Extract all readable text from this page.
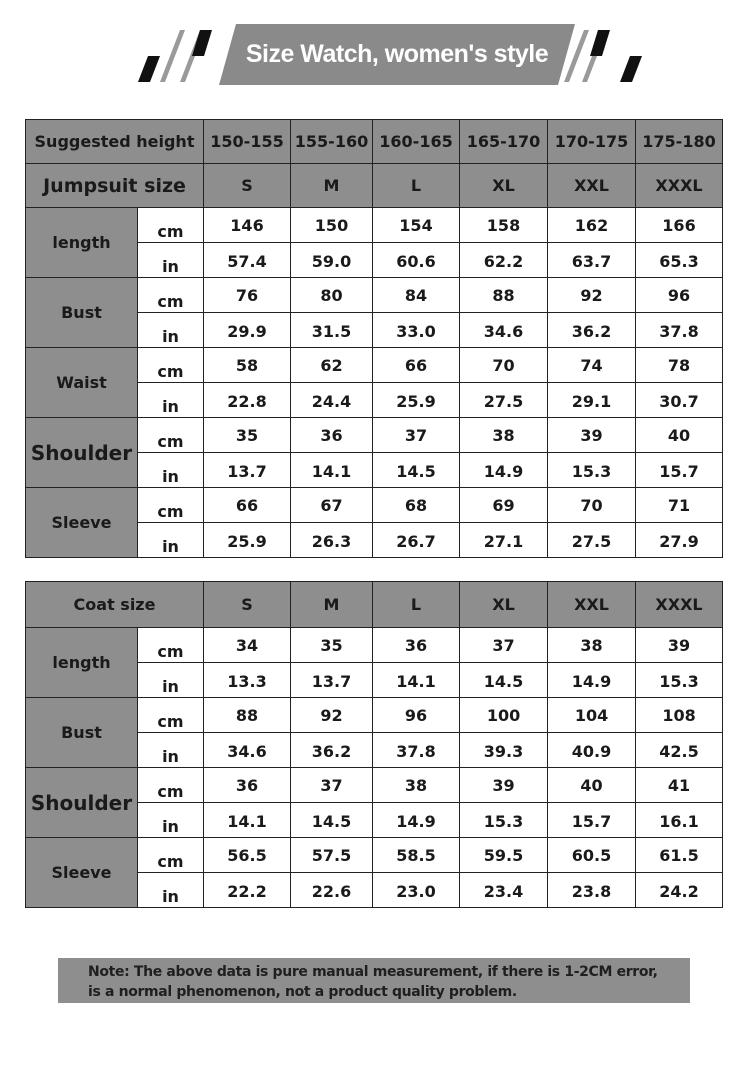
Size Watch, women's style
Suggested height		150-155	155-160	160-165	165-170	170-175	175-180
Jumpsuit size		S	M	L	XL	XXL	XXXL
length	cm	146	150	154	158	162	166
	in	57.4	59.0	60.6	62.2	63.7	65.3
Bust	cm	76	80	84	88	92	96
	in	29.9	31.5	33.0	34.6	36.2	37.8
Waist	cm	58	62	66	70	74	78
	in	22.8	24.4	25.9	27.5	29.1	30.7
Shoulder	cm	35	36	37	38	39	40
	in	13.7	14.1	14.5	14.9	15.3	15.7
Sleeve	cm	66	67	68	69	70	71
	in	25.9	26.3	26.7	27.1	27.5	27.9
Coat size		S	M	L	XL	XXL	XXXL
length	cm	34	35	36	37	38	39
	in	13.3	13.7	14.1	14.5	14.9	15.3
Bust	cm	88	92	96	100	104	108
	in	34.6	36.2	37.8	39.3	40.9	42.5
Shoulder	cm	36	37	38	39	40	41
	in	14.1	14.5	14.9	15.3	15.7	16.1
Sleeve	cm	56.5	57.5	58.5	59.5	60.5	61.5
	in	22.2	22.6	23.0	23.4	23.8	24.2
Note: The above data is pure manual measurement, if there is 1-2CM error,
is a normal phenomenon, not a product quality problem.
